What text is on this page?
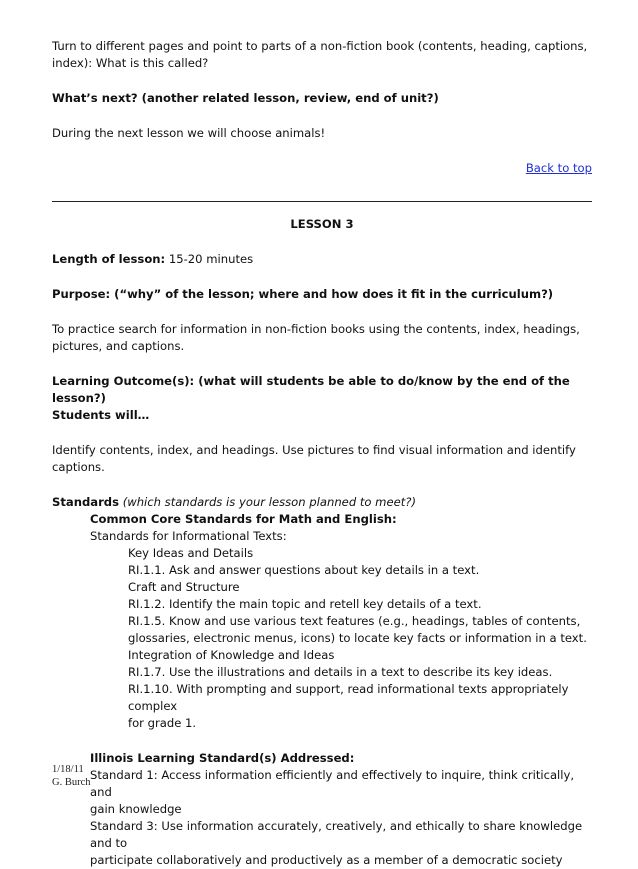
Turn to different pages and point to parts of a non-fiction book (contents, heading, captions,

index): What is this called?

What’s next? (another related lesson, review, end of unit?)

During the next lesson we will choose animals!

Back to top

LESSON 3

Length of lesson: 15-20 minutes

Purpose: (“why” of the lesson; where and how does it fit in the curriculum?)

To practice search for information in non-fiction books using the contents, index, headings,

pictures, and captions.

Learning Outcome(s): (what will students be able to do/know by the end of the lesson?)

Students will…

Identify contents, index, and headings. Use pictures to find visual information and identify

captions.

Standards (which standards is your lesson planned to meet?)

Common Core Standards for Math and English:

Standards for Informational Texts:

Key Ideas and Details

RI.1.1. Ask and answer questions about key details in a text.

Craft and Structure

RI.1.2. Identify the main topic and retell key details of a text.

RI.1.5. Know and use various text features (e.g., headings, tables of contents,

glossaries, electronic menus, icons) to locate key facts or information in a text.

Integration of Knowledge and Ideas

RI.1.7. Use the illustrations and details in a text to describe its key ideas.

RI.1.10. With prompting and support, read informational texts appropriately complex

for grade 1.

Illinois Learning Standard(s) Addressed:

Standard 1: Access information efficiently and effectively to inquire, think critically, and

gain knowledge

Standard 3: Use information accurately, creatively, and ethically to share knowledge and to

participate collaboratively and productively as a member of a democratic society

1/18/11
G. Burch
